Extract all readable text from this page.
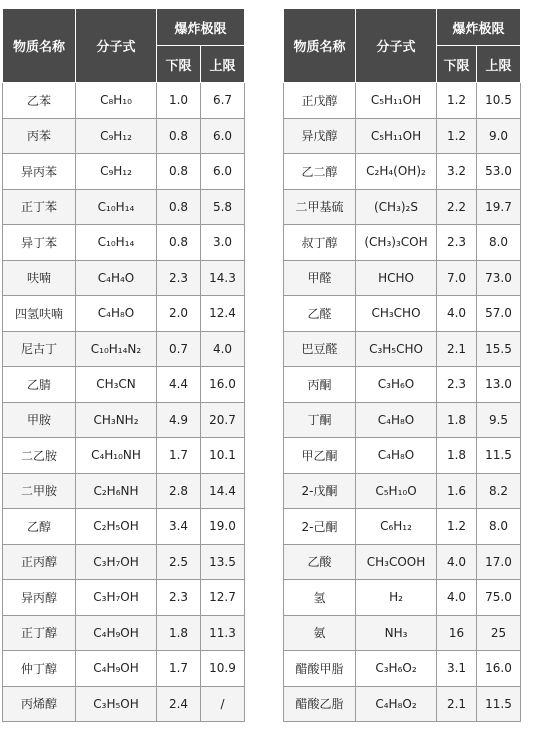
物质名称	分子式	爆炸极限	
		下限	上限
乙苯	C₈H₁₀	1.0	6.7
丙苯	C₉H₁₂	0.8	6.0
异丙苯	C₉H₁₂	0.8	6.0
正丁苯	C₁₀H₁₄	0.8	5.8
异丁苯	C₁₀H₁₄	0.8	3.0
呋喃	C₄H₄O	2.3	14.3
四氢呋喃	C₄H₈O	2.0	12.4
尼古丁	C₁₀H₁₄N₂	0.7	4.0
乙腈	CH₃CN	4.4	16.0
甲胺	CH₃NH₂	4.9	20.7
二乙胺	C₄H₁₀NH	1.7	10.1
二甲胺	C₂H₆NH	2.8	14.4
乙醇	C₂H₅OH	3.4	19.0
正丙醇	C₃H₇OH	2.5	13.5
异丙醇	C₃H₇OH	2.3	12.7
正丁醇	C₄H₉OH	1.8	11.3
仲丁醇	C₄H₉OH	1.7	10.9
丙烯醇	C₃H₅OH	2.4	/
物质名称	分子式	爆炸极限	
		下限	上限
正戊醇	C₅H₁₁OH	1.2	10.5
异戊醇	C₅H₁₁OH	1.2	9.0
乙二醇	C₂H₄(OH)₂	3.2	53.0
二甲基硫	(CH₃)₂S	2.2	19.7
叔丁醇	(CH₃)₃COH	2.3	8.0
甲醛	HCHO	7.0	73.0
乙醛	CH₃CHO	4.0	57.0
巴豆醛	C₃H₅CHO	2.1	15.5
丙酮	C₃H₆O	2.3	13.0
丁酮	C₄H₈O	1.8	9.5
甲乙酮	C₄H₈O	1.8	11.5
2-戊酮	C₅H₁₀O	1.6	8.2
2-己酮	C₆H₁₂	1.2	8.0
乙酸	CH₃COOH	4.0	17.0
氢	H₂	4.0	75.0
氨	NH₃	16	25
醋酸甲脂	C₃H₆O₂	3.1	16.0
醋酸乙脂	C₄H₈O₂	2.1	11.5
